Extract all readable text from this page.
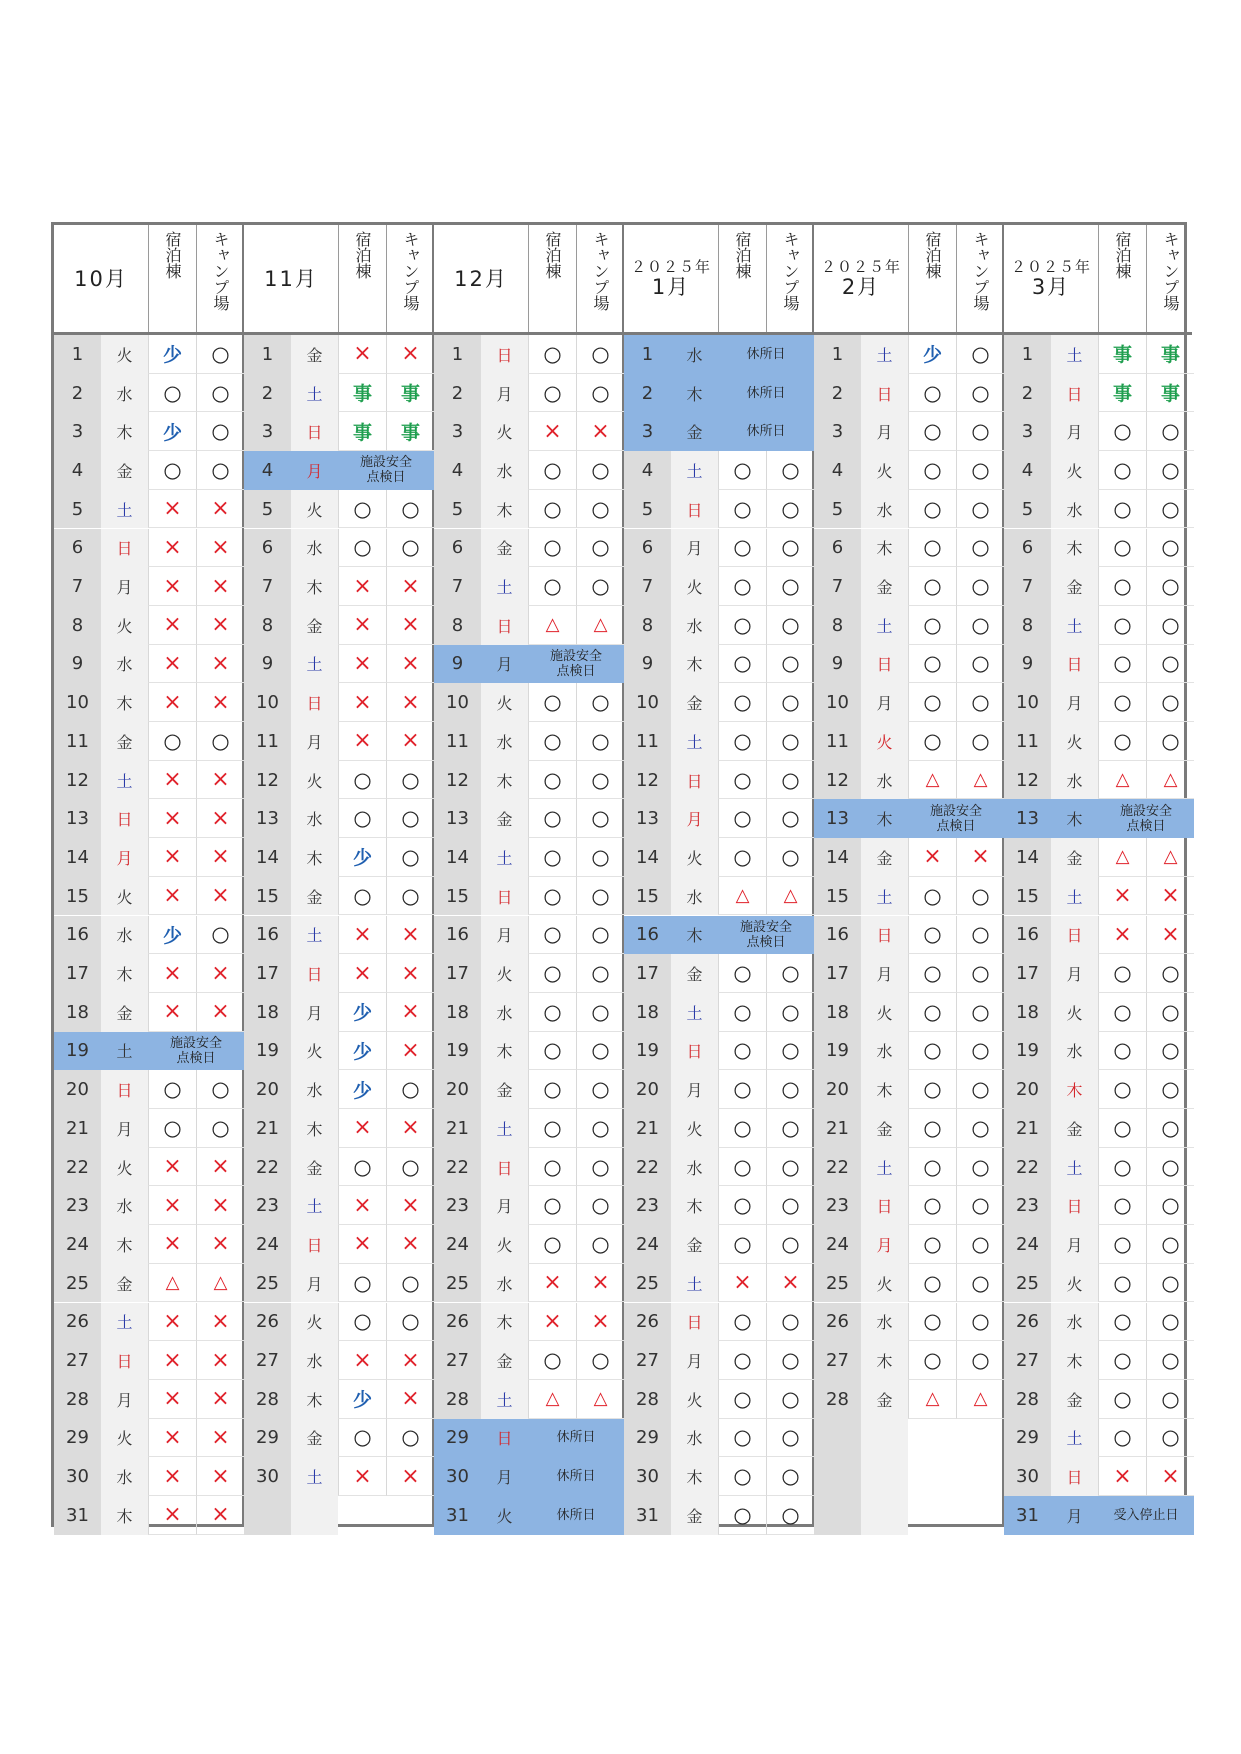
10月 宿泊棟 キャンプ場
1	火	少 ○
2	水	○ ○
3	木	少 ○
4	金	○ ○
5	土	× ×
6	日	× ×
7	月	× ×
8	火	× ×
9	水	× ×
10	木	× ×
11	金	○ ○
12	土	× ×
13	日	× ×
14	月	× ×
15	火	× ×
16	水	少 ○
17	木	× ×
18	金	× ×
19	土	施設安全
点検日
20	日	○ ○
21	月	○ ○
22	火	× ×
23	水	× ×
24	木	× ×
25	金	△ △
26	土	× ×
27	日	× ×
28	月	× ×
29	火	× ×
30	水	× ×
31	木	× ×
11月 宿泊棟 キャンプ場
1	金	× ×
2	土	事 事
3	日	事 事
4	月	施設安全
点検日
5	火	○ ○
6	水	○ ○
7	木	× ×
8	金	× ×
9	土	× ×
10	日	× ×
11	月	× ×
12	火	○ ○
13	水	○ ○
14	木	少 ○
15	金	○ ○
16	土	× ×
17	日	× ×
18	月	少 ×
19	火	少 ×
20	水	少 ○
21	木	× ×
22	金	○ ○
23	土	× ×
24	日	× ×
25	月	○ ○
26	火	○ ○
27	水	× ×
28	木	少 ×
29	金	○ ○
30	土	× ×
12月 宿泊棟 キャンプ場
1	日	○ ○
2	月	○ ○
3	火	× ×
4	水	○ ○
5	木	○ ○
6	金	○ ○
7	土	○ ○
8	日	△ △
9	月	施設安全
点検日
10	火	○ ○
11	水	○ ○
12	木	○ ○
13	金	○ ○
14	土	○ ○
15	日	○ ○
16	月	○ ○
17	火	○ ○
18	水	○ ○
19	木	○ ○
20	金	○ ○
21	土	○ ○
22	日	○ ○
23	月	○ ○
24	火	○ ○
25	水	× ×
26	木	× ×
27	金	○ ○
28	土	△ △
29	日	休所日
30	月	休所日
31	火	休所日
２０２５年
1月
宿泊棟 キャンプ場
1	水	休所日
2	木	休所日
3	金	休所日
4	土	○ ○
5	日	○ ○
6	月	○ ○
7	火	○ ○
8	水	○ ○
9	木	○ ○
10	金	○ ○
11	土	○ ○
12	日	○ ○
13	月	○ ○
14	火	○ ○
15	水	△ △
16	木	施設安全
点検日
17	金	○ ○
18	土	○ ○
19	日	○ ○
20	月	○ ○
21	火	○ ○
22	水	○ ○
23	木	○ ○
24	金	○ ○
25	土	× ×
26	日	○ ○
27	月	○ ○
28	火	○ ○
29	水	○ ○
30	木	○ ○
31	金	○ ○
２０２５年
2月
宿泊棟 キャンプ場
1	土	少 ○
2	日	○ ○
3	月	○ ○
4	火	○ ○
5	水	○ ○
6	木	○ ○
7	金	○ ○
8	土	○ ○
9	日	○ ○
10	月	○ ○
11	火	○ ○
12	水	△ △
13	木	施設安全
点検日
14	金	× ×
15	土	○ ○
16	日	○ ○
17	月	○ ○
18	火	○ ○
19	水	○ ○
20	木	○ ○
21	金	○ ○
22	土	○ ○
23	日	○ ○
24	月	○ ○
25	火	○ ○
26	水	○ ○
27	木	○ ○
28	金	△ △
２０２５年
3月
宿泊棟 キャンプ場
1	土	事 事
2	日	事 事
3	月	○ ○
4	火	○ ○
5	水	○ ○
6	木	○ ○
7	金	○ ○
8	土	○ ○
9	日	○ ○
10	月	○ ○
11	火	○ ○
12	水	△ △
13	木	施設安全
点検日
14	金	△ △
15	土	× ×
16	日	× ×
17	月	○ ○
18	火	○ ○
19	水	○ ○
20	木	○ ○
21	金	○ ○
22	土	○ ○
23	日	○ ○
24	月	○ ○
25	火	○ ○
26	水	○ ○
27	木	○ ○
28	金	○ ○
29	土	○ ○
30	日	× ×
31	月	受入停止日
